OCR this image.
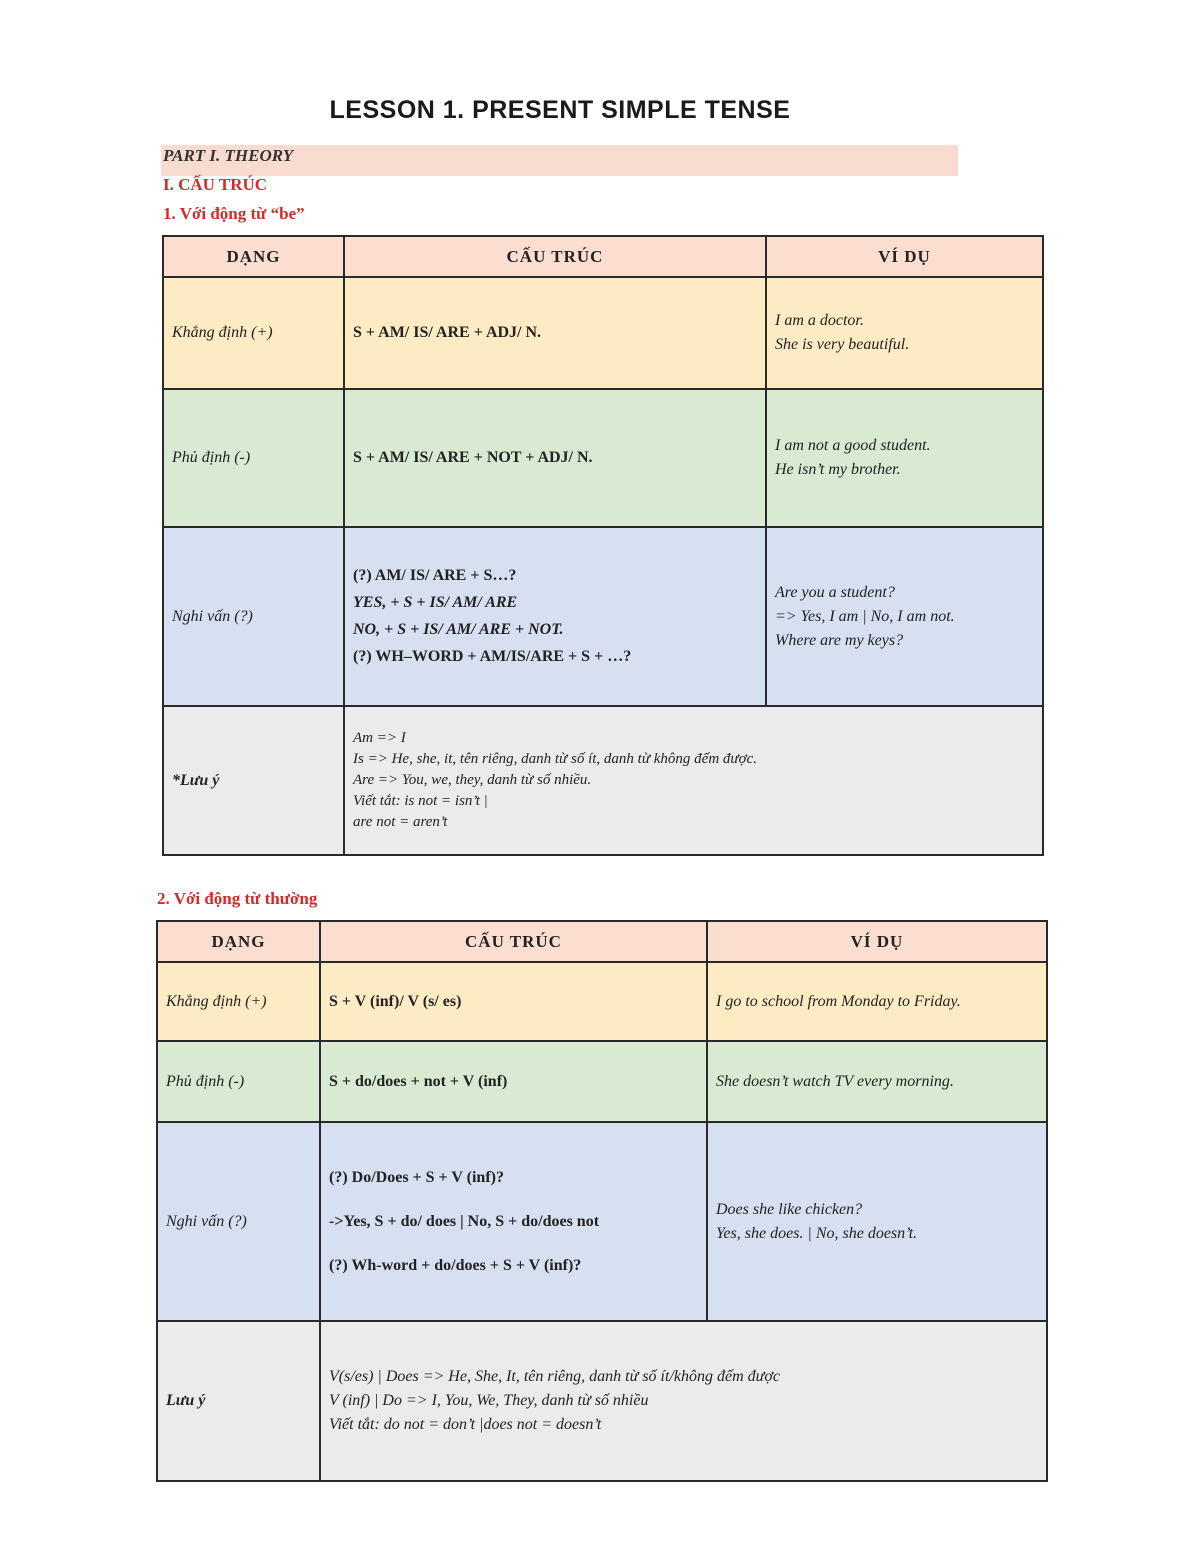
LESSON 1. PRESENT SIMPLE TENSE
PART I. THEORY
I. CẤU TRÚC
1. Với động từ “be”
DẠNG	CẤU TRÚC	VÍ DỤ
Khẳng định (+)	S + AM/ IS/ ARE + ADJ/ N.	I am a doctor.
She is very beautiful.

Phủ định (-)	S + AM/ IS/ ARE + NOT + ADJ/ N.	I am not a good student.
He isn’t my brother.

Nghi vấn (?)	(?) AM/ IS/ ARE + S…?
YES, + S + IS/ AM/ ARE
NO, + S + IS/ AM/ ARE + NOT.
(?) WH–WORD + AM/IS/ARE + S + …?	Are you a student?
=> Yes, I am | No, I am not.
Where are my keys?

*Lưu ý	Am => I
Is => He, she, it, tên riêng, danh từ số ít, danh từ không đếm được.
Are => You, we, they, danh từ số nhiều.
Viết tắt: is not = isn’t |
are not = aren’t	
2. Với động từ thường
DẠNG	CẤU TRÚC	VÍ DỤ
Khẳng định (+)	S + V (inf)/ V (s/ es)	I go to school from Monday to Friday.
Phủ định (-)	S + do/does + not + V (inf)	She doesn’t watch TV every morning.
Nghi vấn (?)	(?) Do/Does + S + V (inf)?
->Yes, S + do/ does | No, S + do/does not
(?) Wh-word + do/does + S + V (inf)?	Does she like chicken?
Yes, she does. | No, she doesn’t.

Lưu ý	V(s/es) | Does => He, She, It, tên riêng, danh từ số ít/không đếm được
V (inf) | Do => I, You, We, They, danh từ số nhiều
Viết tắt: do not = don’t |does not = doesn’t	
